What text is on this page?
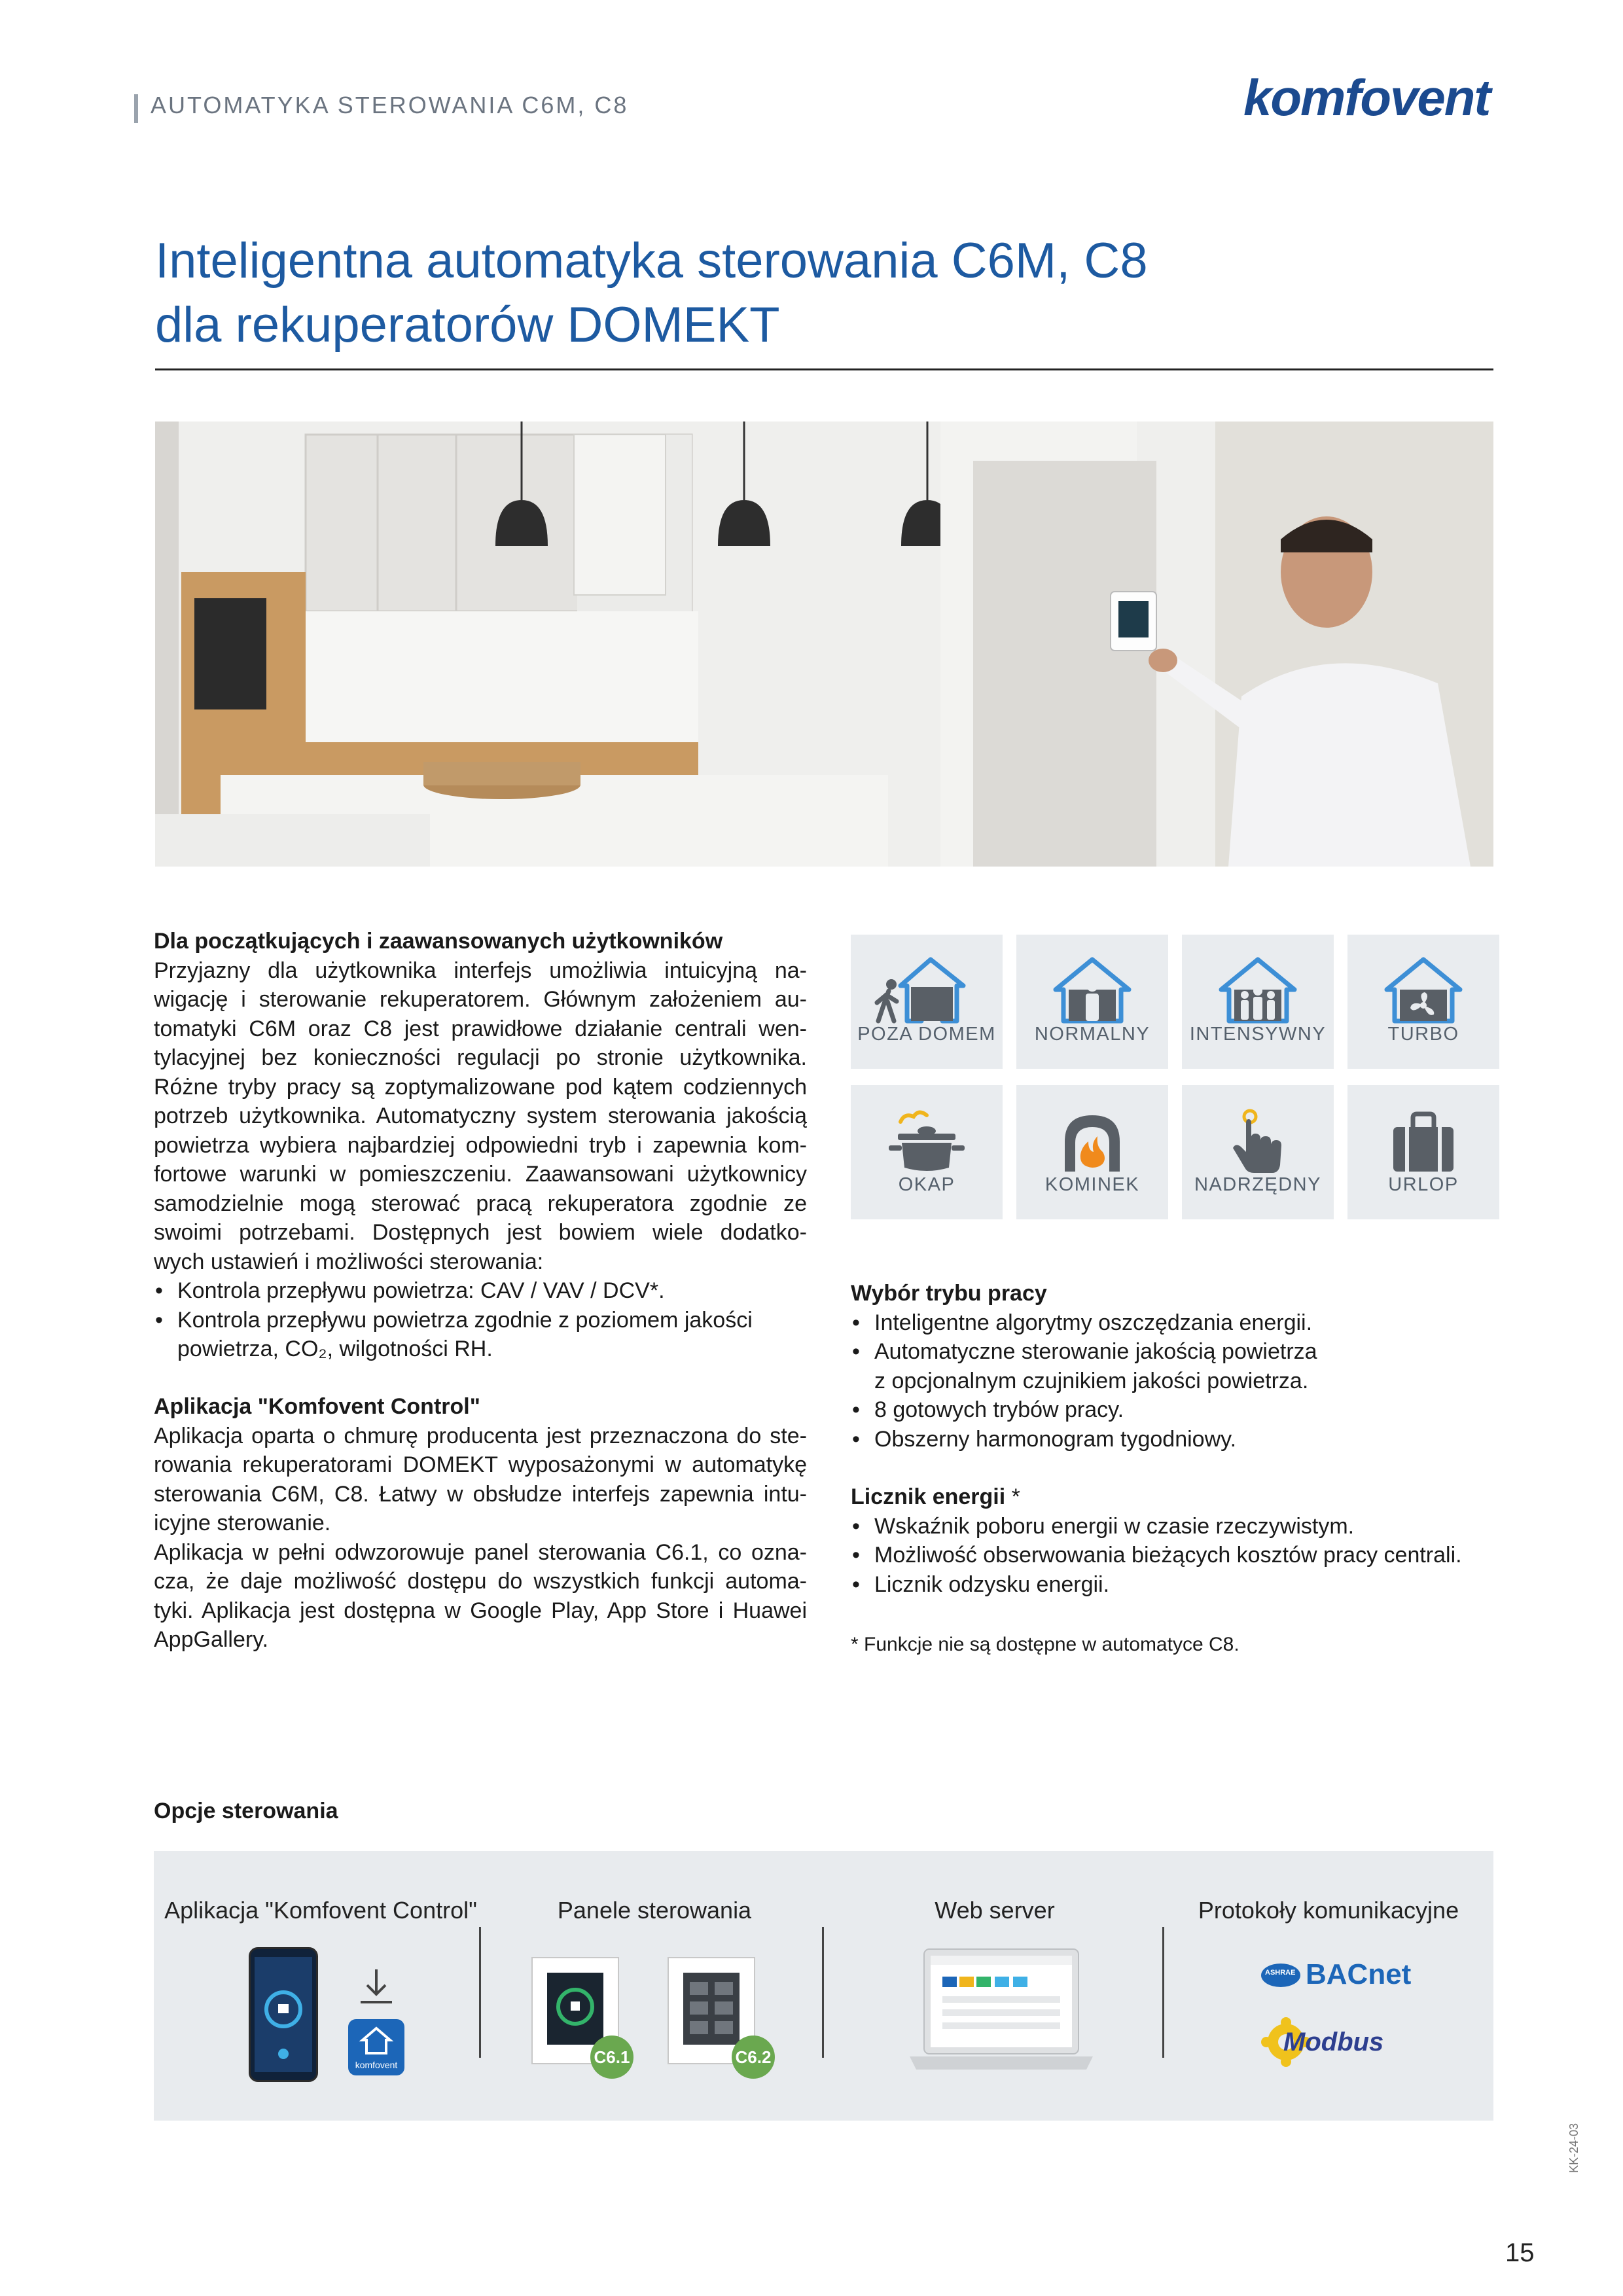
AUTOMATYKA STEROWANIA C6M, C8	komfovent
Inteligentna automatyka sterowania C6M, C8
dla rekuperatorów DOMEKT
Dla początkujących i zaawansowanych użytkowników
Przyjazny dla użytkownika interfejs umożliwia intuicyjną na-
wigację i sterowanie rekuperatorem. Głównym założeniem au-
tomatyki C6M oraz C8 jest prawidłowe działanie centrali wen-
tylacyjnej bez konieczności regulacji po stronie użytkownika.
Różne tryby pracy są zoptymalizowane pod kątem codziennych
potrzeb użytkownika. Automatyczny system sterowania jakością
powietrza wybiera najbardziej odpowiedni tryb i zapewnia kom-
fortowe warunki w pomieszczeniu. Zaawansowani użytkownicy
samodzielnie mogą sterować pracą rekuperatora zgodnie ze
swoimi potrzebami. Dostępnych jest bowiem wiele dodatko-
wych ustawień i możliwości sterowania:
• Kontrola przepływu powietrza: CAV / VAV / DCV*.
• Kontrola przepływu powietrza zgodnie z poziomem jakości
powietrza, CO₂, wilgotności RH.
Aplikacja "Komfovent Control"
Aplikacja oparta o chmurę producenta jest przeznaczona do ste-
rowania rekuperatorami DOMEKT wyposażonymi w automatykę
sterowania C6M, C8. Łatwy w obsłudze interfejs zapewnia intu-
icyjne sterowanie.
Aplikacja w pełni odwzorowuje panel sterowania C6.1, co ozna-
cza, że daje możliwość dostępu do wszystkich funkcji automa-
tyki. Aplikacja jest dostępna w Google Play, App Store i Huawei
AppGallery.
POZA DOMEM	NORMALNY	INTENSYWNY	TURBO
OKAP	KOMINEK	NADRZĘDNY	URLOP
Wybór trybu pracy
• Inteligentne algorytmy oszczędzania energii.
• Automatyczne sterowanie jakością powietrza
z opcjonalnym czujnikiem jakości powietrza.
• 8 gotowych trybów pracy.
• Obszerny harmonogram tygodniowy.
Licznik energii *
• Wskaźnik poboru energii w czasie rzeczywistym.
• Możliwość obserwowania bieżących kosztów pracy centrali.
• Licznik odzysku energii.
* Funkcje nie są dostępne w automatyce C8.
Opcje sterowania
Aplikacja "Komfovent Control"	Panele sterowania	Web server	Protokoły komunikacyjne
komfovent	C6.1	C6.2
ASHRAE BACnet
Modbus
15
KK-24-03
